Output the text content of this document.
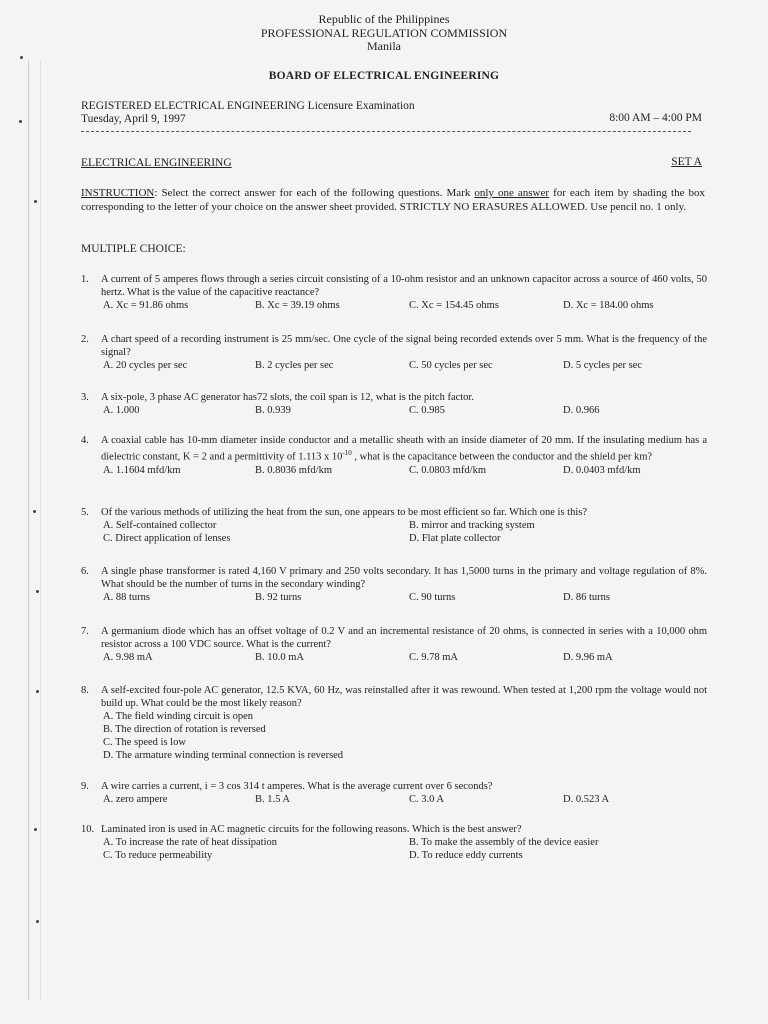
Republic of the Philippines
PROFESSIONAL REGULATION COMMISSION
Manila
BOARD OF ELECTRICAL ENGINEERING
REGISTERED ELECTRICAL ENGINEERING Licensure Examination
Tuesday, April 9, 1997	8:00 AM – 4:00 PM
ELECTRICAL ENGINEERING	SET A
INSTRUCTION: Select the correct answer for each of the following questions. Mark only one answer for each item by shading the box corresponding to the letter of your choice on the answer sheet provided. STRICTLY NO ERASURES ALLOWED. Use pencil no. 1 only.
MULTIPLE CHOICE:
1. A current of 5 amperes flows through a series circuit consisting of a 10-ohm resistor and an unknown capacitor across a source of 460 volts, 50 hertz. What is the value of the capacitive reactance?
A. Xc = 91.86 ohms	B. Xc = 39.19 ohms	C. Xc = 154.45 ohms	D. Xc = 184.00 ohms
2. A chart speed of a recording instrument is 25 mm/sec. One cycle of the signal being recorded extends over 5 mm. What is the frequency of the signal?
A. 20 cycles per sec	B. 2 cycles per sec	C. 50 cycles per sec	D. 5 cycles per sec
3. A six-pole, 3 phase AC generator has72 slots, the coil span is 12, what is the pitch factor.
A. 1.000	B. 0.939	C. 0.985	D. 0.966
4. A coaxial cable has 10-mm diameter inside conductor and a metallic sheath with an inside diameter of 20 mm. If the insulating medium has a dielectric constant, K = 2 and a permittivity of 1.113 x $10^{-10}$ , what is the capacitance between the conductor and the shield per km?
A. 1.1604 mfd/km	B. 0.8036 mfd/km	C. 0.0803 mfd/km	D. 0.0403 mfd/km
5. Of the various methods of utilizing the heat from the sun, one appears to be most efficient so far. Which one is this?
A. Self-contained collector	B. mirror and tracking system
C. Direct application of lenses	D. Flat plate collector
6. A single phase transformer is rated 4,160 V primary and 250 volts secondary. It has 1,5000 turns in the primary and voltage regulation of 8%. What should be the number of turns in the secondary winding?
A. 88 turns	B. 92 turns	C. 90 turns	D. 86 turns
7. A germanium diode which has an offset voltage of 0.2 V and an incremental resistance of 20 ohms, is connected in series with a 10,000 ohm resistor across a 100 VDC source. What is the current?
A. 9.98 mA	B. 10.0 mA	C. 9.78 mA	D. 9.96 mA
8. A self-excited four-pole AC generator, 12.5 KVA, 60 Hz, was reinstalled after it was rewound. When tested at 1,200 rpm the voltage would not build up. What could be the most likely reason?
A. The field winding circuit is open
B. The direction of rotation is reversed
C. The speed is low
D. The armature winding terminal connection is reversed
9. A wire carries a current, i = 3 cos 314 t amperes. What is the average current over 6 seconds?
A. zero ampere	B. 1.5 A	C. 3.0 A	D. 0.523 A
10. Laminated iron is used in AC magnetic circuits for the following reasons. Which is the best answer?
A. To increase the rate of heat dissipation	B. To make the assembly of the device easier
C. To reduce permeability	D. To reduce eddy currents
